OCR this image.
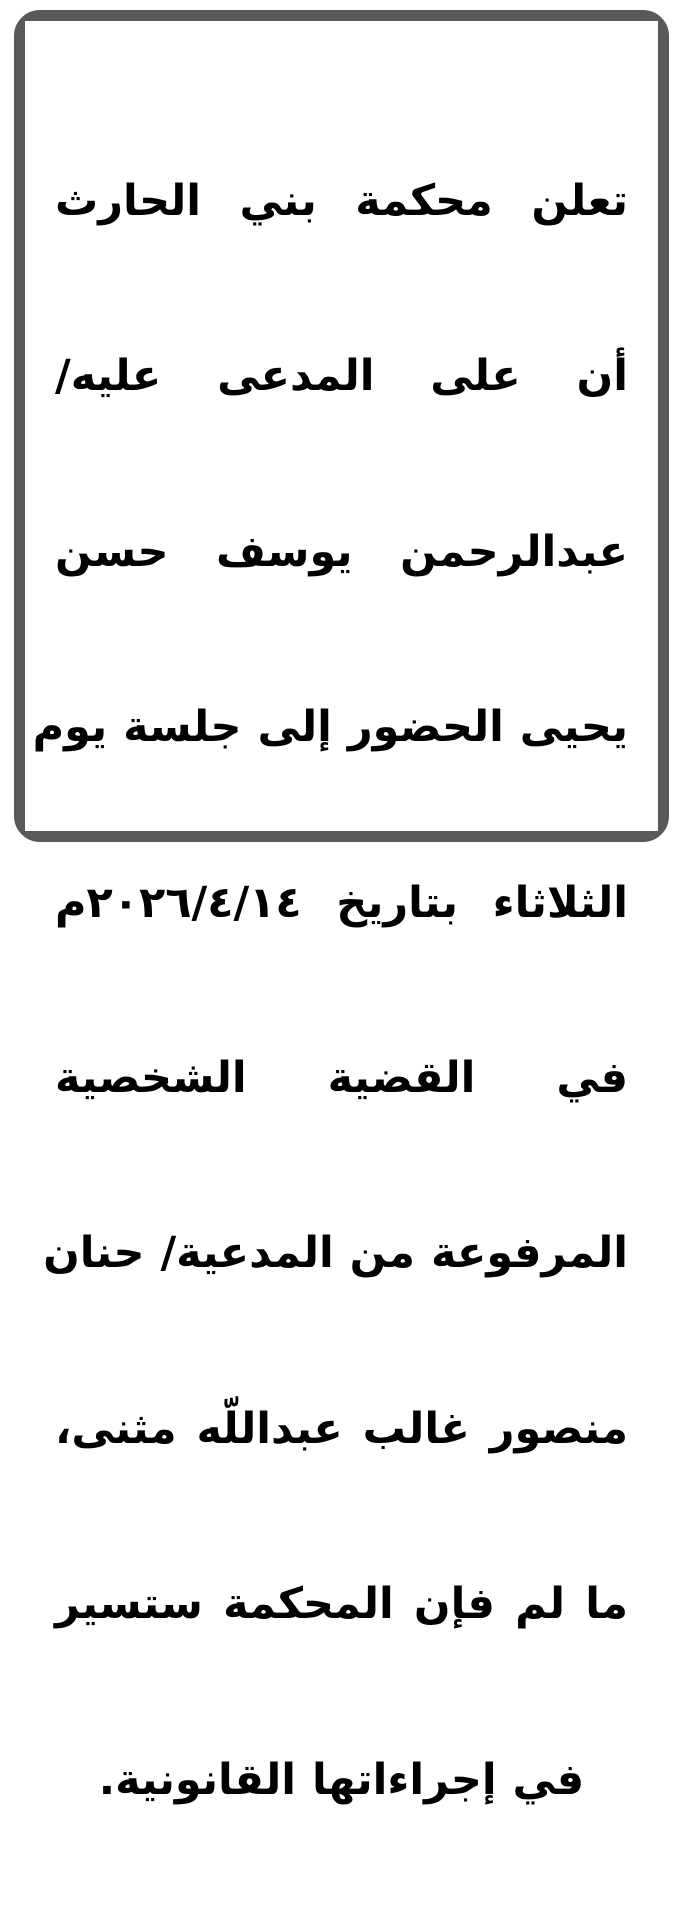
تعلن محكمة بني الحارث

أن على المدعى عليه/

عبدالرحمن يوسف حسن

يحيى الحضور إلى جلسة يوم

الثلاثاء بتاريخ ٢٠٢٦/٤/١٤م

في القضية الشخصية

المرفوعة من المدعية/ حنان

منصور غالب عبداللّه مثنى،

ما لم فإن المحكمة ستسير

في إجراءاتها القانونية.
